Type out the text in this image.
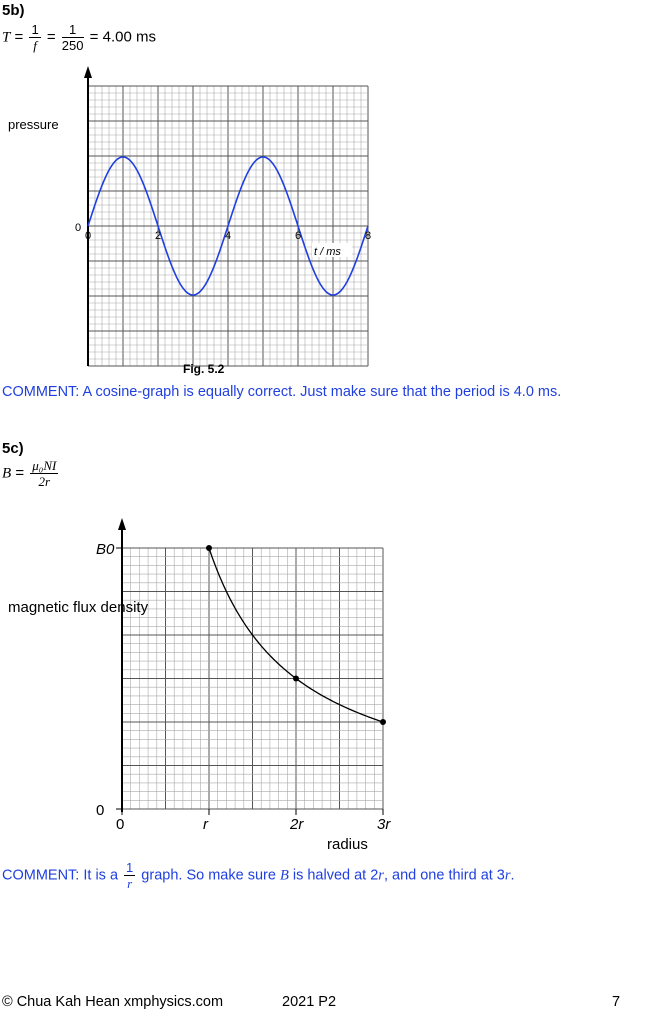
5b)
$T = \frac{1}{f} = \frac{1}{250} = 4.00$ ms
0
0	2	4	6	8
t / ms
pressure
Fig. 5.2
COMMENT: A cosine-graph is equally correct. Just make sure that the period is 4.0 ms.
5c)
$B = \frac{\text{μ₀NI}}{2r}$
0
B0
0	r	2r	3r
radius
magnetic flux density
COMMENT: It is a $\frac{1}{r}$ graph. So make sure B is halved at 2r, and one third at 3r.
© Chua Kah Hean xmphysics.com	2021 P2	7
